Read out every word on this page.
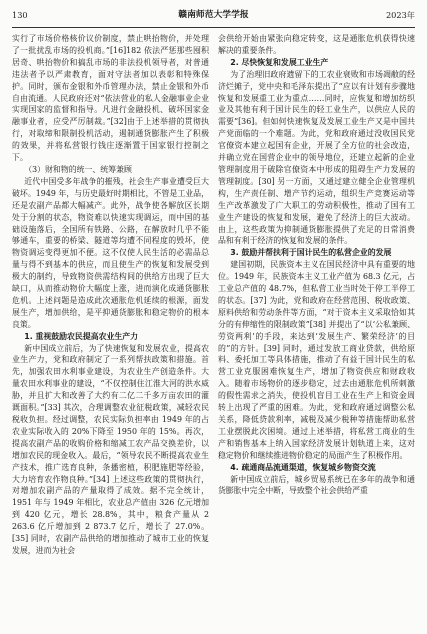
130	赣南师范大学学报	2023年

实行了市场价格核价议价制度，禁止哄抬物价，并处理了一批扰乱市场的投机商。”[16]182 依法严惩那些囤积居奇、哄抬物价和搞乱市场的非法投机领导者，对普通违法者予以严肃教育，面对守法者加以表彰和特殊保护。同时，颁布金银和外币管理办法，禁止金银和外币自由流通。人民政府还对“依法营业的私人金融事业企业实现国家的监督和指导。凡进行金融投机、破坏国家金融事业者，应受严厉制裁。”[32]由于上述举措的贯彻执行，对取缔和限制投机活动，遏制通货膨胀产生了积极的效果，并将私营银行钱庄逐渐置于国家银行控制之下。

（3）财和物的统一、统筹兼顾

近代中国受多年战争的摧残，社会生产事业遭受巨大破坏。1949 年，与历史最好时期相比，不管是工业品，还是农副产品都大幅减产。此外，战争使各解放区长期处于分割的状态，物资难以快速实现调运，而中国的基础设施落后，全国所有铁路、公路，在解放时几乎不能够通车，重要的桥梁、隧道等均遭不同程度的毁坏，使物资调运变得更加不便。这不仅使人民生活的必需品总量与得不到基本的供应，而且使生产的恢复和发展受到极大的制约，导致物资供需结构间的供给方出现了巨大缺口，从而推动物价大幅度上涨，进而演化成通货膨胀危机。上述问题是造成此次通胀危机延续的根源，面发展生产，增加供给，是平抑通货膨胀和稳定物价的根本良策。

1. 重视鼓励农民提高农业生产力

新中国成立前后，为了快速恢复和发展农业，提高农业生产力，党和政府制定了一系列帮扶政策和措施。首先，加强农田水利事业建设，为农业生产创造条件。大量农田水利事业的建设，“不仅控制住江淮大河的洪水威胁，并且扩大和改善了大约有二亿二千多万亩农田的灌溉面积。”[33] 其次，合理调整农业征税政策，减轻农民税收负担。经过调整，农民实际负担率由 1949 年的占农业实际收入的 20%下降至 1950 年的 15%。再次，提高农副产品的收购价格和缩减工农产品交换差价，以增加农民的现金收入。最后，“领导农民不断提高农业生产技术，推广选育良种，条播密植，积肥施肥等经验，大力培育农作物良种。”[34] 上述这些政策的贯彻执行，对增加农副产品的产量取得了成效。据不完全统计，1951 年与 1949 年相比，农业总产值由 326 亿元增加到 420 亿元，增长 28.8%，其中，粮食产量从 2 263.6 亿斤增加到 2 873.7 亿斤，增长了 27.0%。[35] 同时，农副产品供给的增加推动了城市工业的恢复发展，进而为社会

会供给开始由紧张向稳定转变，这是通胀危机获得快速解决的重要条件。

2. 尽快恢复和发展工业生产

为了治理旧政府遗留下的工农业衰败和市场凋敝的经济烂摊子，党中央和毛泽东提出了“应以有计划有步骤地恢复和发展重工业为重点……同时，应恢复和增加纺织业及其他有利于国计民生的轻工业生产，以供应人民的需要”[36]。但如何快速恢复及发展工业生产又是中国共产党面临的一个难题。为此，党和政府通过没收国民党官僚资本建立起国有企业，开展了全方位的社会改造，并确立党在国营企业中的领导地位，还建立起新的企业管理制度用于破除官僚资本中形成的阻碍生产力发展的管理制度。[30] 另一方面，又通过建立健全企业管理机构，生产责任制、增产节约运动，组织生产竞赛运动等生产改革激发了广大职工的劳动积极性，推动了国有工业生产建设的恢复和发展，避免了经济上的巨大波动。由上，这些政策为抑制通货膨胀提供了充足的日常消费品和有利于经济的恢复和发展的条件。

3. 鼓励并帮扶利于国计民生的私营企业的发展

建国初期，民族资本主义在国民经济中具有重要的地位。1949 年，民族资本主义工业产值为 68.3 亿元，占工业总产值的 48.7%，但私营工业当时处于停工半停工的状态。[37] 为此，党和政府在经营范围、税收政策、原料供给和劳动条件等方面，“对于资本主义采取恰如其分的有伸缩性的限制政策”[38] 并提出了“以‘公私兼顾、劳资两利’的手段，来达到‘发展生产、繁荣经济’的目的”的方针。[39] 同时，通过发放工商业贷款，供给原料、委托加工等具体措施，推动了有益于国计民生的私营工业克服困难恢复生产，增加了物资供应和财政收入。随着市场物价的逐步稳定，过去由通胀危机所刺激的假性需求之消失，使投机盲目工业在生产上和资金周转上出现了严重的困难。为此，党和政府通过调整公私关系，降低贷款利率，减税及减少税种等措施帮助私营工业摆脱此次困境。通过上述举措，将私营工商业的生产和销售基本上纳入国家经济发展计划轨道上来，这对稳定物价和继续推进物价稳定的局面产生了积极作用。

4. 疏通商品流通渠道，恢复城乡物资交流

新中国成立前后，城乡贸易系统已在多年的战争和通货膨胀中完全中断，导致整个社会供给严重
